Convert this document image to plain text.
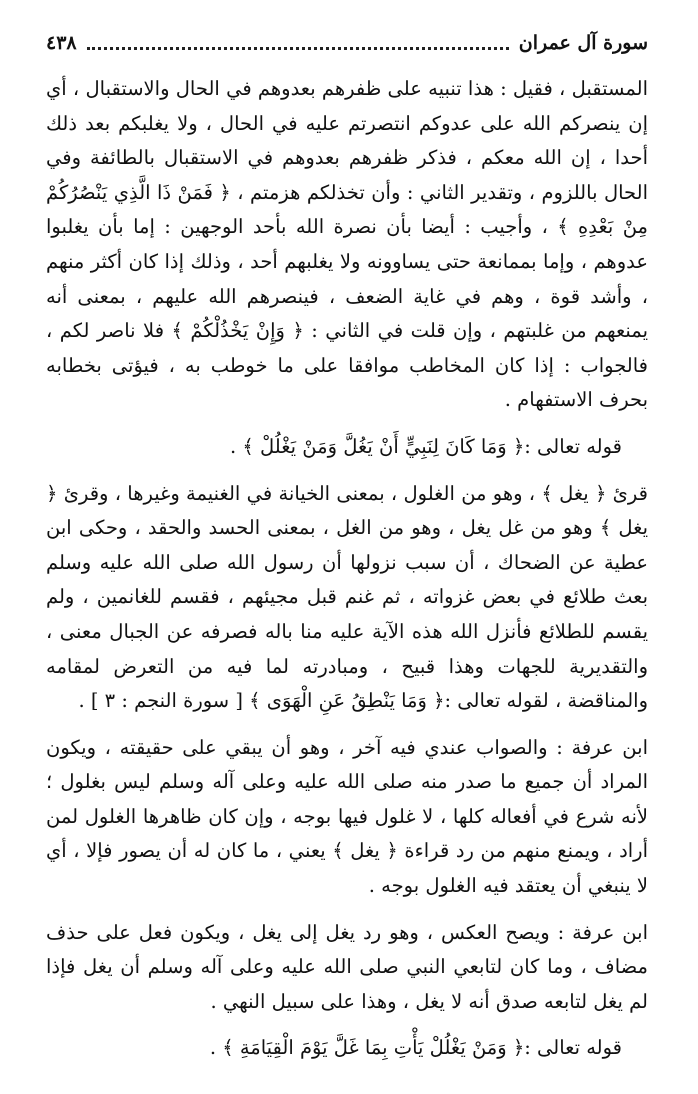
سورة آل عمران
٤٣٨

المستقبل ، فقيل : هذا تنبيه على ظفرهم بعدوهم في الحال والاستقبال ، أي إن ينصركم الله على عدوكم انتصرتم عليه في الحال ، ولا يغلبكم بعد ذلك أحدا ، إن الله معكم ، فذكر ظفرهم بعدوهم في الاستقبال بالطائفة وفي الحال باللزوم ، وتقدير الثاني : وأن تخذلكم هزمتم ، ﴿ فَمَنْ ذَا الَّذِي يَنْصُرُكُمْ مِنْ بَعْدِهِ ﴾ ، وأجيب : أيضا بأن نصرة الله بأحد الوجهين : إما بأن يغلبوا عدوهم ، وإما بممانعة حتى يساوونه ولا يغلبهم أحد ، وذلك إذا كان أكثر منهم ، وأشد قوة ، وهم في غاية الضعف ، فينصرهم الله عليهم ، بمعنى أنه يمنعهم من غلبتهم ، وإن قلت في الثاني : ﴿ وَإِنْ يَخْذُلْكُمْ ﴾ فلا ناصر لكم ، فالجواب : إذا كان المخاطب موافقا على ما خوطب به ، فيؤتى بخطابه بحرف الاستفهام .

قوله تعالى :﴿ وَمَا كَانَ لِنَبِيٍّ أَنْ يَغُلَّ وَمَنْ يَغْلُلْ ﴾ .

قرئ ﴿ يغل ﴾ ، وهو من الغلول ، بمعنى الخيانة في الغنيمة وغيرها ، وقرئ ﴿ يغل ﴾ وهو من غل يغل ، وهو من الغل ، بمعنى الحسد والحقد ، وحكى ابن عطية عن الضحاك ، أن سبب نزولها أن رسول الله صلى الله عليه وسلم بعث طلائع في بعض غزواته ، ثم غنم قبل مجيئهم ، فقسم للغانمين ، ولم يقسم للطلائع فأنزل الله هذه الآية عليه منا باله فصرفه عن الجبال معنى ، والتقديرية للجهات وهذا قبيح ، ومبادرته لما فيه من التعرض لمقامه والمناقضة ، لقوله تعالى :﴿ وَمَا يَنْطِقُ عَنِ الْهَوَى ﴾ [ سورة النجم : ٣ ] .

ابن عرفة : والصواب عندي فيه آخر ، وهو أن يبقي على حقيقته ، ويكون المراد أن جميع ما صدر منه صلى الله عليه وعلى آله وسلم ليس بغلول ؛ لأنه شرع في أفعاله كلها ، لا غلول فيها بوجه ، وإن كان ظاهرها الغلول لمن أراد ، ويمنع منهم من رد قراءة ﴿ يغل ﴾ يعني ، ما كان له أن يصور فإلا ، أي لا ينبغي أن يعتقد فيه الغلول بوجه .

ابن عرفة : ويصح العكس ، وهو رد يغل إلى يغل ، ويكون فعل على حذف مضاف ، وما كان لتابعي النبي صلى الله عليه وعلى آله وسلم أن يغل فإذا لم يغل لتابعه صدق أنه لا يغل ، وهذا على سبيل النهي .

قوله تعالى :﴿ وَمَنْ يَغْلُلْ يَأْتِ بِمَا غَلَّ يَوْمَ الْقِيَامَةِ ﴾ .
